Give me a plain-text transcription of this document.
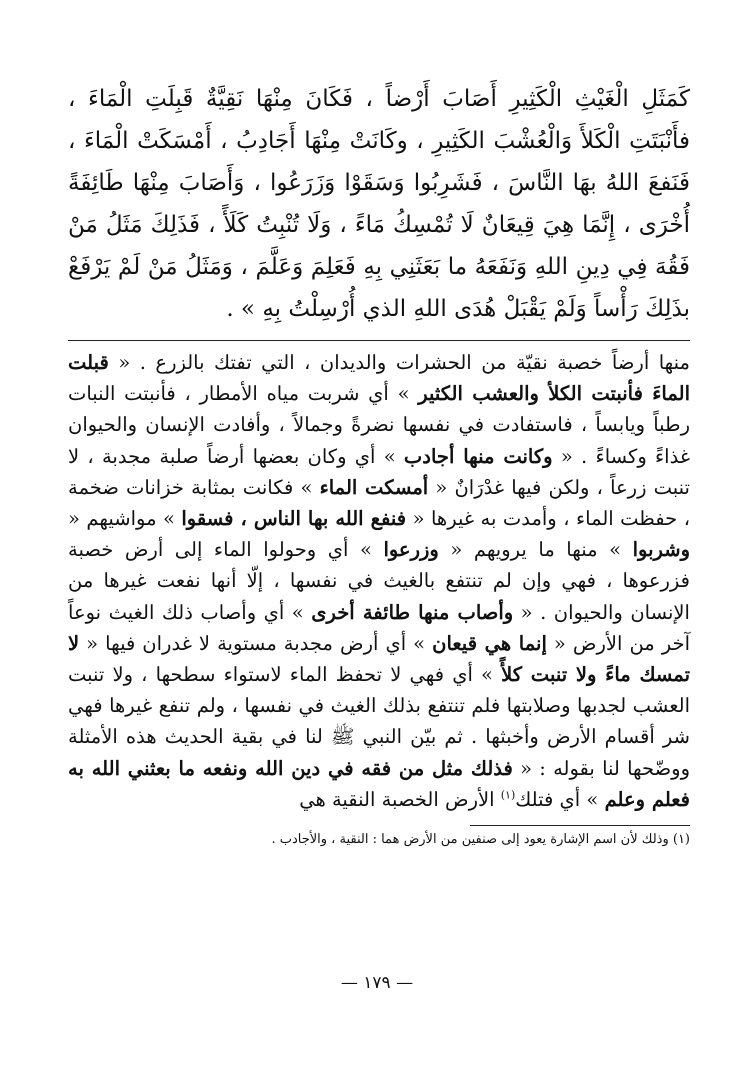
كَمَثَلِ الْغَيْثِ الْكَثِيرِ أَصَابَ أَرْضاً ، فَكَانَ مِنْهَا نَقِيَّةٌ قَبِلَتِ الْمَاءَ ، فأَنْبَتَتِ الْكَلأَ وَالْعُشْبَ الكَثِيرِ ، وكَانَتْ مِنْهَا أَجَادِبُ ، أَمْسَكَتْ الْمَاءَ ، فَنَفعَ اللهُ بهَا النَّاسَ ، فَشَرِبُوا وَسَقَوْا وَزَرَعُوا ، وَأَصَابَ مِنْهَا طَائِفَةً أُخْرَى ، إِنَّمَا هِيَ قِيعَانٌ لَا تُمْسِكُ مَاءً ، وَلَا تُنْبِتُ كَلَأً ، فَذَلِكَ مَثَلُ مَنْ فَقُهَ فِي دِينِ اللهِ وَنَفَعَهُ ما بَعَثَنِي بِهِ فَعَلِمَ وَعَلَّمَ ، وَمَثَلُ مَنْ لَمْ يَرْفَعْ بذَلِكَ رَأْساً وَلَمْ يَقْبَلْ هُدَى اللهِ الذي أُرْسِلْتُ بِهِ » .

منها أرضاً خصبة نقيّة من الحشرات والديدان ، التي تفتك بالزرع . « قبلت الماءَ فأنبتت الكلأ والعشب الكثير » أي شربت مياه الأمطار ، فأنبتت النبات رطباً ويابساً ، فاستفادت في نفسها نضرةً وجمالاً ، وأفادت الإنسان والحيوان غذاءً وكساءً . « وكانت منها أجادب » أي وكان بعضها أرضاً صلبة مجدبة ، لا تنبت زرعاً ، ولكن فيها غدْرَانٌ « أمسكت الماء » فكانت بمثابة خزانات ضخمة ، حفظت الماء ، وأمدت به غيرها « فنفع الله بها الناس ، فسقوا » مواشيهم « وشربوا » منها ما يرويهم « وزرعوا » أي وحولوا الماء إلى أرض خصبة فزرعوها ، فهي وإن لم تنتفع بالغيث في نفسها ، إلّا أنها نفعت غيرها من الإنسان والحيوان . « وأصاب منها طائفة أخرى » أي وأصاب ذلك الغيث نوعاً آخر من الأرض « إنما هي قيعان » أي أرض مجدبة مستوية لا غدران فيها « لا تمسك ماءً ولا تنبت كلأً » أي فهي لا تحفظ الماء لاستواء سطحها ، ولا تنبت العشب لجدبها وصلابتها فلم تنتفع بذلك الغيث في نفسها ، ولم تنفع غيرها فهي شر أقسام الأرض وأخبثها . ثم بيّن النبي ﷺ لنا في بقية الحديث هذه الأمثلة ووضّحها لنا بقوله : « فذلك مثل من فقه في دين الله ونفعه ما بعثني الله به فعلم وعلم » أي فتلك$^{(١)}$ الأرض الخصبة النقية هي

(١) وذلك لأن اسم الإشارة يعود إلى صنفين من الأرض هما : النقية ، والأجادب .

— ١٧٩ —
